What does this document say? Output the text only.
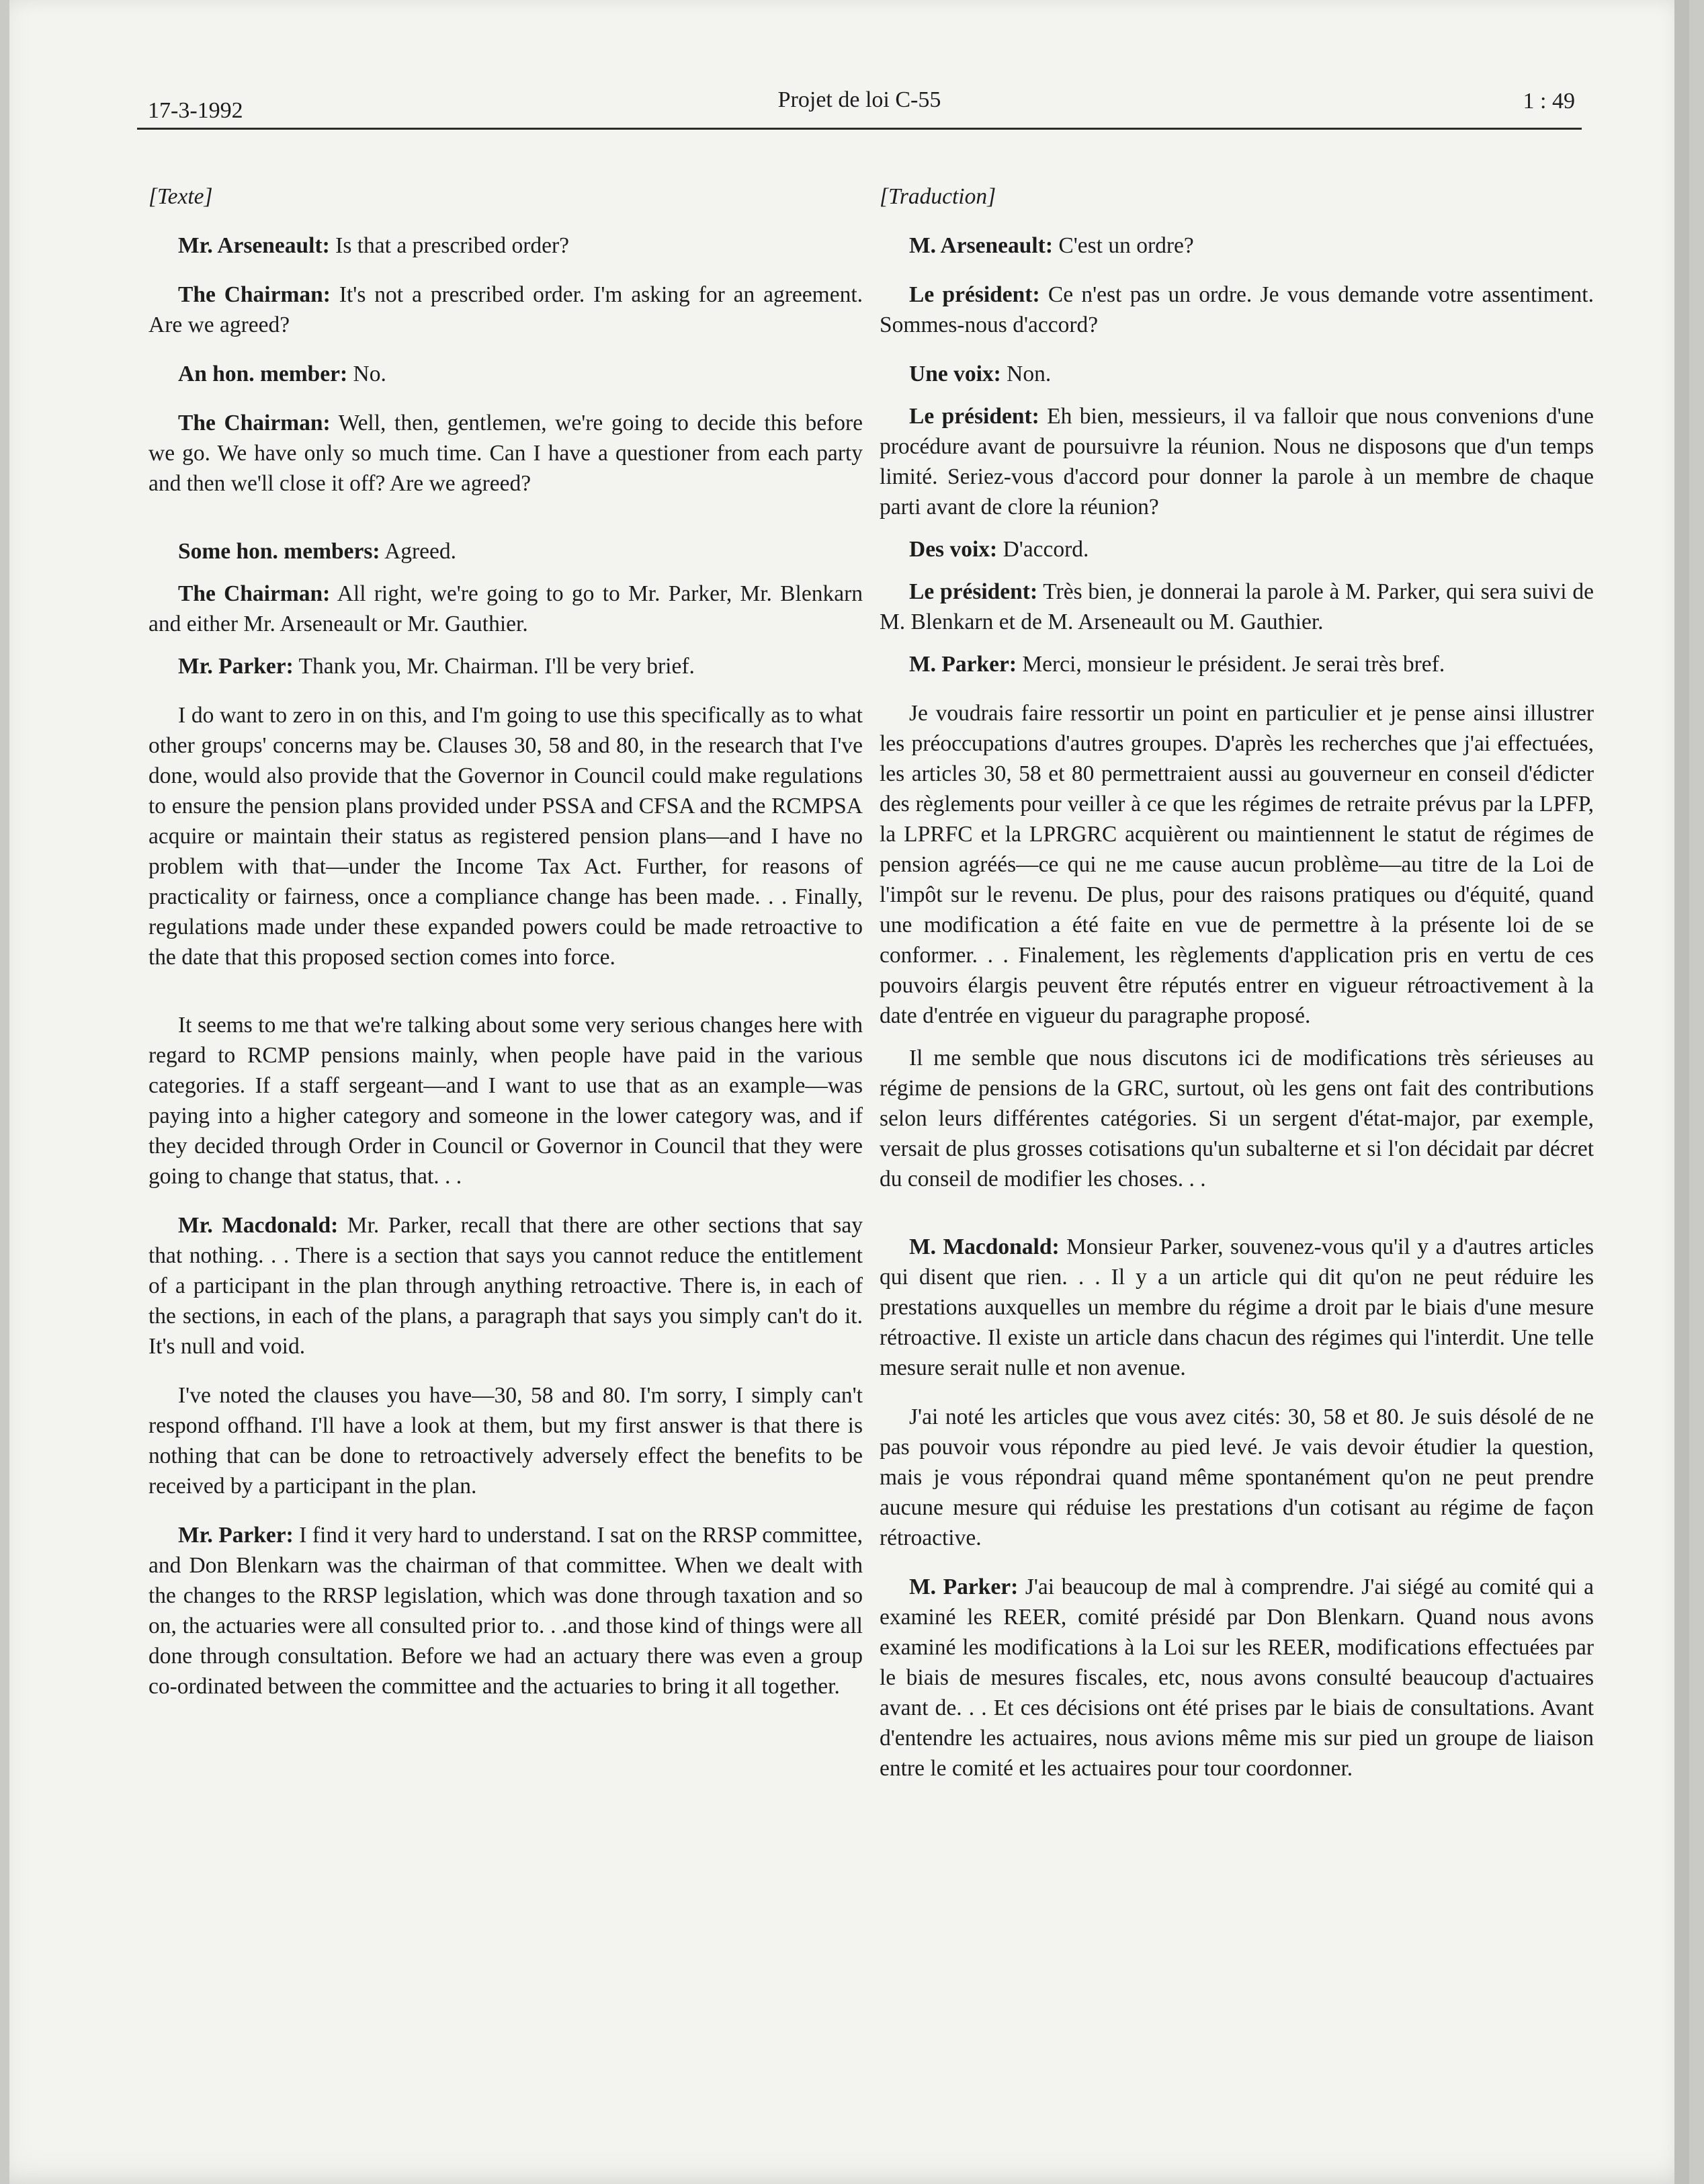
17-3-1992	Projet de loi C-55	1 : 49

[Texte]

Mr. Arseneault: Is that a prescribed order?

The Chairman: It's not a prescribed order. I'm asking for an agreement. Are we agreed?

An hon. member: No.

The Chairman: Well, then, gentlemen, we're going to decide this before we go. We have only so much time. Can I have a questioner from each party and then we'll close it off? Are we agreed?

Some hon. members: Agreed.

The Chairman: All right, we're going to go to Mr. Parker, Mr. Blenkarn and either Mr. Arseneault or Mr. Gauthier.

Mr. Parker: Thank you, Mr. Chairman. I'll be very brief.

I do want to zero in on this, and I'm going to use this specifically as to what other groups' concerns may be. Clauses 30, 58 and 80, in the research that I've done, would also provide that the Governor in Council could make regulations to ensure the pension plans provided under PSSA and CFSA and the RCMPSA acquire or maintain their status as registered pension plans—and I have no problem with that—under the Income Tax Act. Further, for reasons of practicality or fairness, once a compliance change has been made. . . Finally, regulations made under these expanded powers could be made retroactive to the date that this proposed section comes into force.

It seems to me that we're talking about some very serious changes here with regard to RCMP pensions mainly, when people have paid in the various categories. If a staff sergeant—and I want to use that as an example—was paying into a higher category and someone in the lower category was, and if they decided through Order in Council or Governor in Council that they were going to change that status, that. . .

Mr. Macdonald: Mr. Parker, recall that there are other sections that say that nothing. . . There is a section that says you cannot reduce the entitlement of a participant in the plan through anything retroactive. There is, in each of the sections, in each of the plans, a paragraph that says you simply can't do it. It's null and void.

I've noted the clauses you have—30, 58 and 80. I'm sorry, I simply can't respond offhand. I'll have a look at them, but my first answer is that there is nothing that can be done to retroactively adversely effect the benefits to be received by a participant in the plan.

Mr. Parker: I find it very hard to understand. I sat on the RRSP committee, and Don Blenkarn was the chairman of that committee. When we dealt with the changes to the RRSP legislation, which was done through taxation and so on, the actuaries were all consulted prior to. . .and those kind of things were all done through consultation. Before we had an actuary there was even a group co-ordinated between the committee and the actuaries to bring it all together.

[Traduction]

M. Arseneault: C'est un ordre?

Le président: Ce n'est pas un ordre. Je vous demande votre assentiment. Sommes-nous d'accord?

Une voix: Non.

Le président: Eh bien, messieurs, il va falloir que nous convenions d'une procédure avant de poursuivre la réunion. Nous ne disposons que d'un temps limité. Seriez-vous d'accord pour donner la parole à un membre de chaque parti avant de clore la réunion?

Des voix: D'accord.

Le président: Très bien, je donnerai la parole à M. Parker, qui sera suivi de M. Blenkarn et de M. Arseneault ou M. Gauthier.

M. Parker: Merci, monsieur le président. Je serai très bref.

Je voudrais faire ressortir un point en particulier et je pense ainsi illustrer les préoccupations d'autres groupes. D'après les recherches que j'ai effectuées, les articles 30, 58 et 80 permettraient aussi au gouverneur en conseil d'édicter des règlements pour veiller à ce que les régimes de retraite prévus par la LPFP, la LPRFC et la LPRGRC acquièrent ou maintiennent le statut de régimes de pension agréés—ce qui ne me cause aucun problème—au titre de la Loi de l'impôt sur le revenu. De plus, pour des raisons pratiques ou d'équité, quand une modification a été faite en vue de permettre à la présente loi de se conformer. . . Finalement, les règlements d'application pris en vertu de ces pouvoirs élargis peuvent être réputés entrer en vigueur rétroactivement à la date d'entrée en vigueur du paragraphe proposé.

Il me semble que nous discutons ici de modifications très sérieuses au régime de pensions de la GRC, surtout, où les gens ont fait des contributions selon leurs différentes catégories. Si un sergent d'état-major, par exemple, versait de plus grosses cotisations qu'un subalterne et si l'on décidait par décret du conseil de modifier les choses. . .

M. Macdonald: Monsieur Parker, souvenez-vous qu'il y a d'autres articles qui disent que rien. . . Il y a un article qui dit qu'on ne peut réduire les prestations auxquelles un membre du régime a droit par le biais d'une mesure rétroactive. Il existe un article dans chacun des régimes qui l'interdit. Une telle mesure serait nulle et non avenue.

J'ai noté les articles que vous avez cités: 30, 58 et 80. Je suis désolé de ne pas pouvoir vous répondre au pied levé. Je vais devoir étudier la question, mais je vous répondrai quand même spontanément qu'on ne peut prendre aucune mesure qui réduise les prestations d'un cotisant au régime de façon rétroactive.

M. Parker: J'ai beaucoup de mal à comprendre. J'ai siégé au comité qui a examiné les REER, comité présidé par Don Blenkarn. Quand nous avons examiné les modifications à la Loi sur les REER, modifications effectuées par le biais de mesures fiscales, etc, nous avons consulté beaucoup d'actuaires avant de. . . Et ces décisions ont été prises par le biais de consultations. Avant d'entendre les actuaires, nous avions même mis sur pied un groupe de liaison entre le comité et les actuaires pour tour coordonner.
